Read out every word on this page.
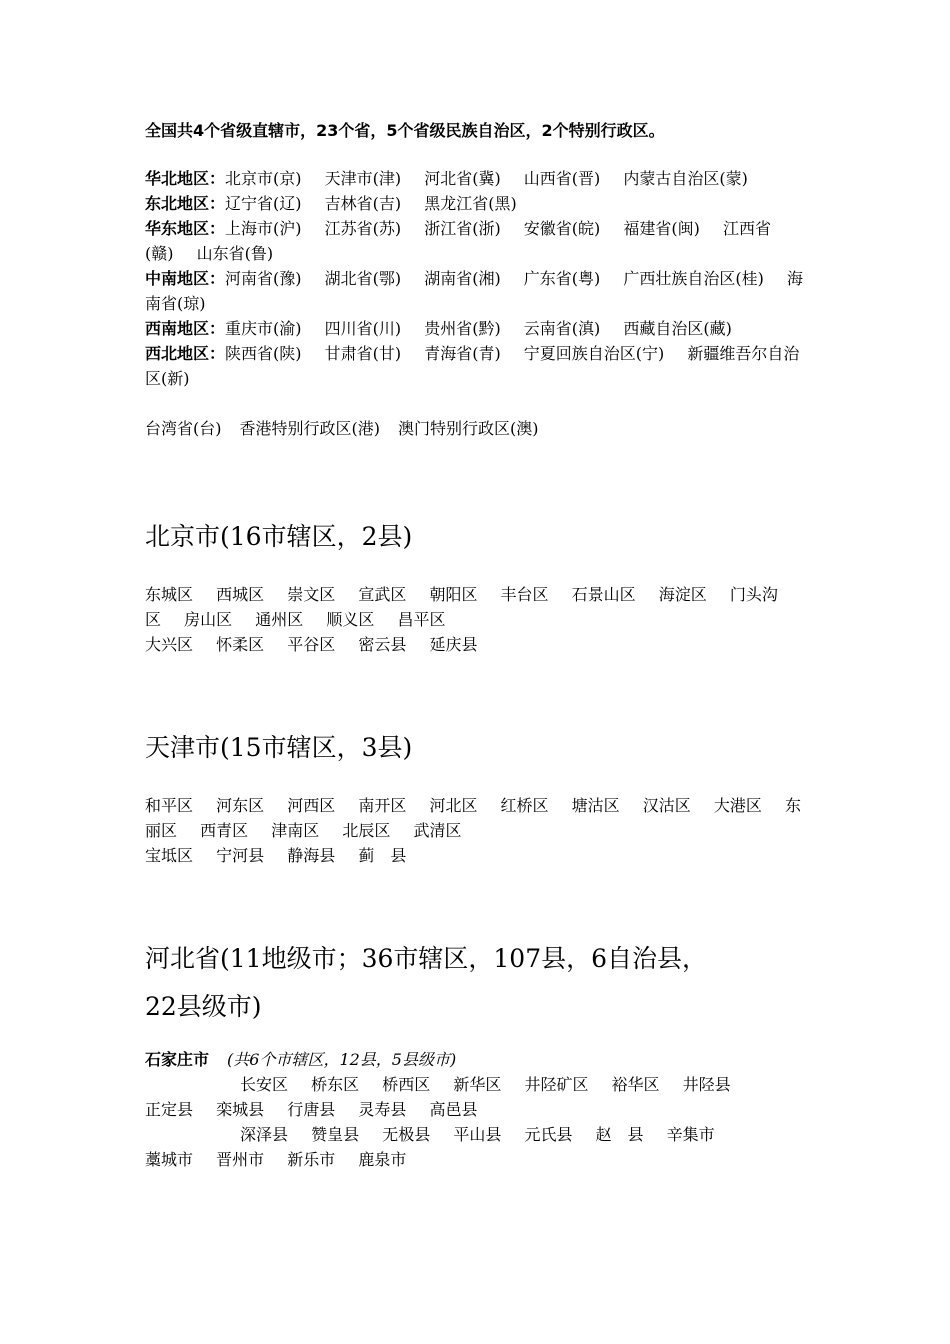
全国共4个省级直辖市，23个省，5个省级民族自治区，2个特别行政区。

华北地区：北京市(京) 天津市(津) 河北省(冀) 山西省(晋) 内蒙古自治区(蒙)
东北地区：辽宁省(辽) 吉林省(吉) 黑龙江省(黑)
华东地区：上海市(沪) 江苏省(苏) 浙江省(浙) 安徽省(皖) 福建省(闽) 江西省(赣) 山东省(鲁)
中南地区：河南省(豫) 湖北省(鄂) 湖南省(湘) 广东省(粤) 广西壮族自治区(桂) 海南省(琼)
西南地区：重庆市(渝) 四川省(川) 贵州省(黔) 云南省(滇) 西藏自治区(藏)
西北地区：陕西省(陕) 甘肃省(甘) 青海省(青) 宁夏回族自治区(宁) 新疆维吾尔自治区(新)

台湾省(台) 香港特别行政区(港) 澳门特别行政区(澳)

北京市(16市辖区，2县)
东城区 西城区 崇文区 宣武区 朝阳区 丰台区 石景山区 海淀区 门头沟区 房山区 通州区 顺义区 昌平区
大兴区 怀柔区 平谷区 密云县 延庆县
天津市(15市辖区，3县)
和平区 河东区 河西区 南开区 河北区 红桥区 塘沽区 汉沽区 大港区 东丽区 西青区 津南区 北辰区 武清区
宝坻区 宁河县 静海县 蓟　县
河北省(11地级市；36市辖区，107县，6自治县，
22县级市)
石家庄市 (共6个市辖区，12县，5县级市)
长安区 桥东区 桥西区 新华区 井陉矿区 裕华区 井陉县
正定县 栾城县 行唐县 灵寿县 高邑县
深泽县 赞皇县 无极县 平山县 元氏县 赵　县 辛集市
藁城市 晋州市 新乐市 鹿泉市
